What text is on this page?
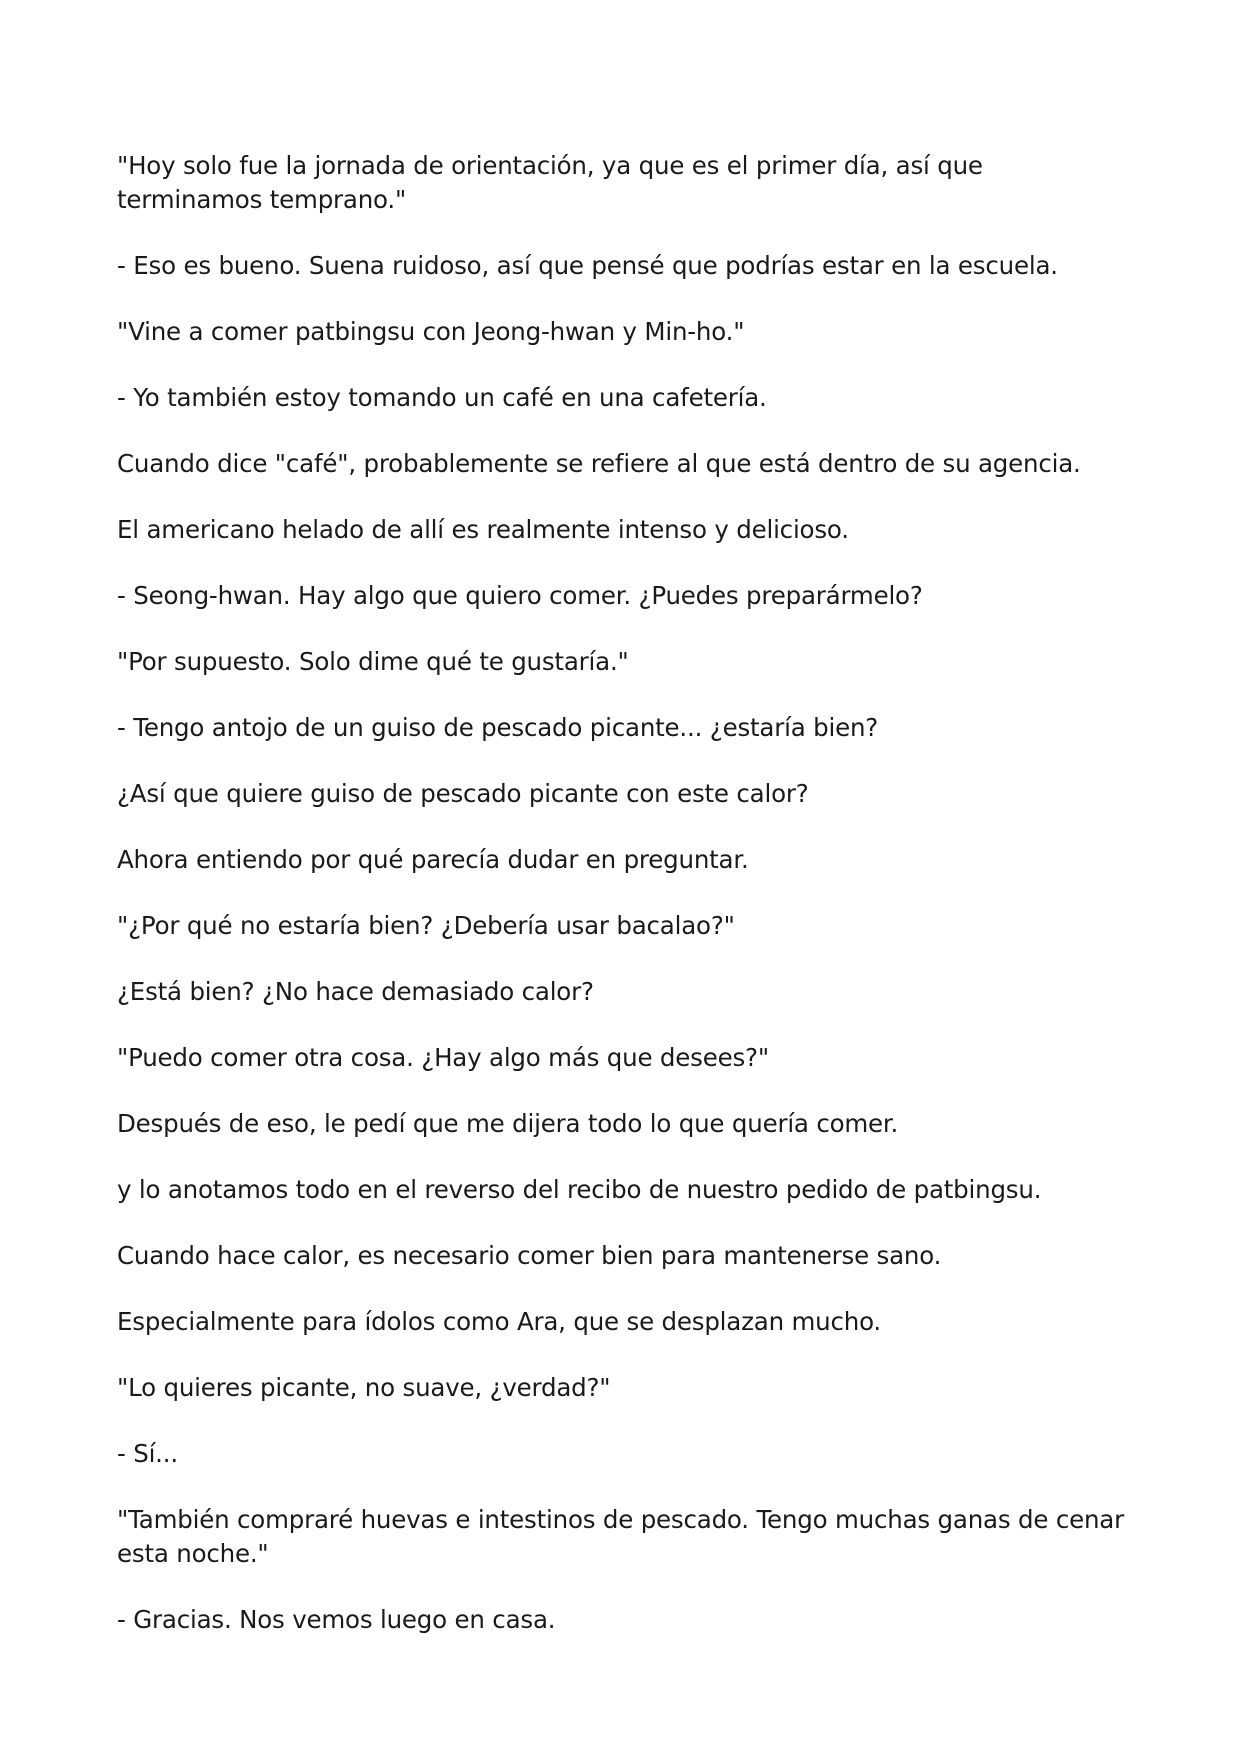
"Hoy solo fue la jornada de orientación, ya que es el primer día, así que terminamos temprano."

- Eso es bueno. Suena ruidoso, así que pensé que podrías estar en la escuela.

"Vine a comer patbingsu con Jeong-hwan y Min-ho."

- Yo también estoy tomando un café en una cafetería.

Cuando dice "café", probablemente se refiere al que está dentro de su agencia.

El americano helado de allí es realmente intenso y delicioso.

- Seong-hwan. Hay algo que quiero comer. ¿Puedes preparármelo?

"Por supuesto. Solo dime qué te gustaría."

- Tengo antojo de un guiso de pescado picante... ¿estaría bien?

¿Así que quiere guiso de pescado picante con este calor?

Ahora entiendo por qué parecía dudar en preguntar.

"¿Por qué no estaría bien? ¿Debería usar bacalao?"

¿Está bien? ¿No hace demasiado calor?

"Puedo comer otra cosa. ¿Hay algo más que desees?"

Después de eso, le pedí que me dijera todo lo que quería comer.

y lo anotamos todo en el reverso del recibo de nuestro pedido de patbingsu.

Cuando hace calor, es necesario comer bien para mantenerse sano.

Especialmente para ídolos como Ara, que se desplazan mucho.

"Lo quieres picante, no suave, ¿verdad?"

- Sí...

"También compraré huevas e intestinos de pescado. Tengo muchas ganas de cenar esta noche."

- Gracias. Nos vemos luego en casa.
